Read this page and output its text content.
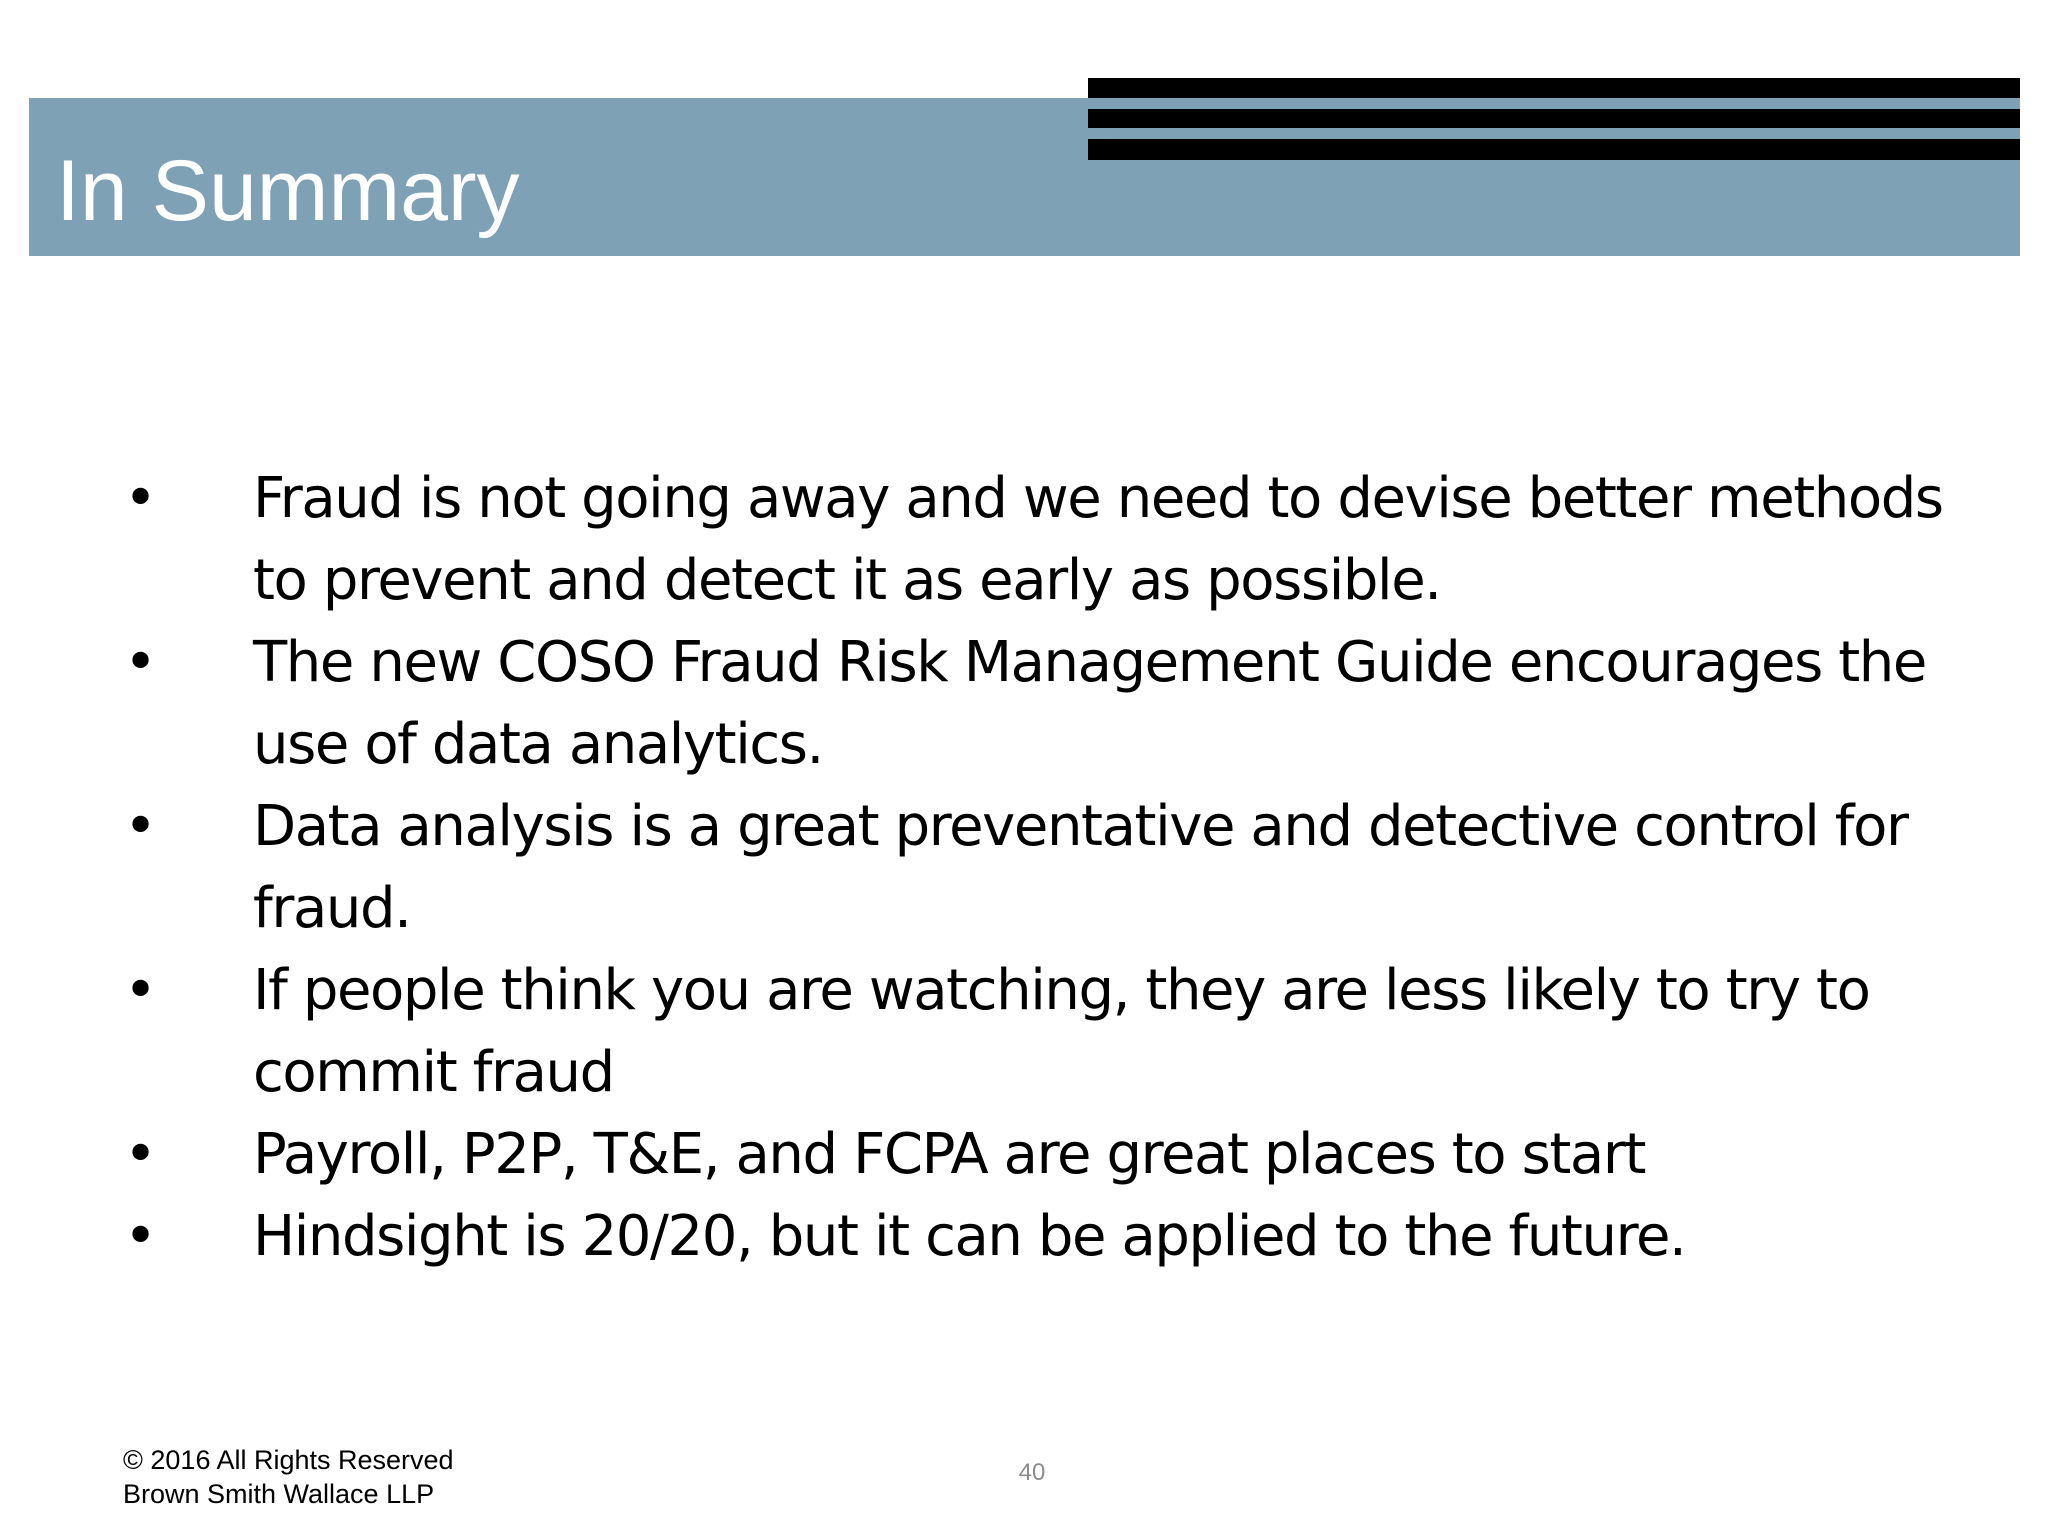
In Summary
• Fraud is not going away and we need to devise better methods to prevent and detect it as early as possible.
• The new COSO Fraud Risk Management Guide encourages the use of data analytics.
• Data analysis is a great preventative and detective control for fraud.
• If people think you are watching, they are less likely to try to commit fraud
• Payroll, P2P, T&E, and FCPA are great places to start
• Hindsight is 20/20, but it can be applied to the future.
© 2016 All Rights Reserved
Brown Smith Wallace LLP
40
